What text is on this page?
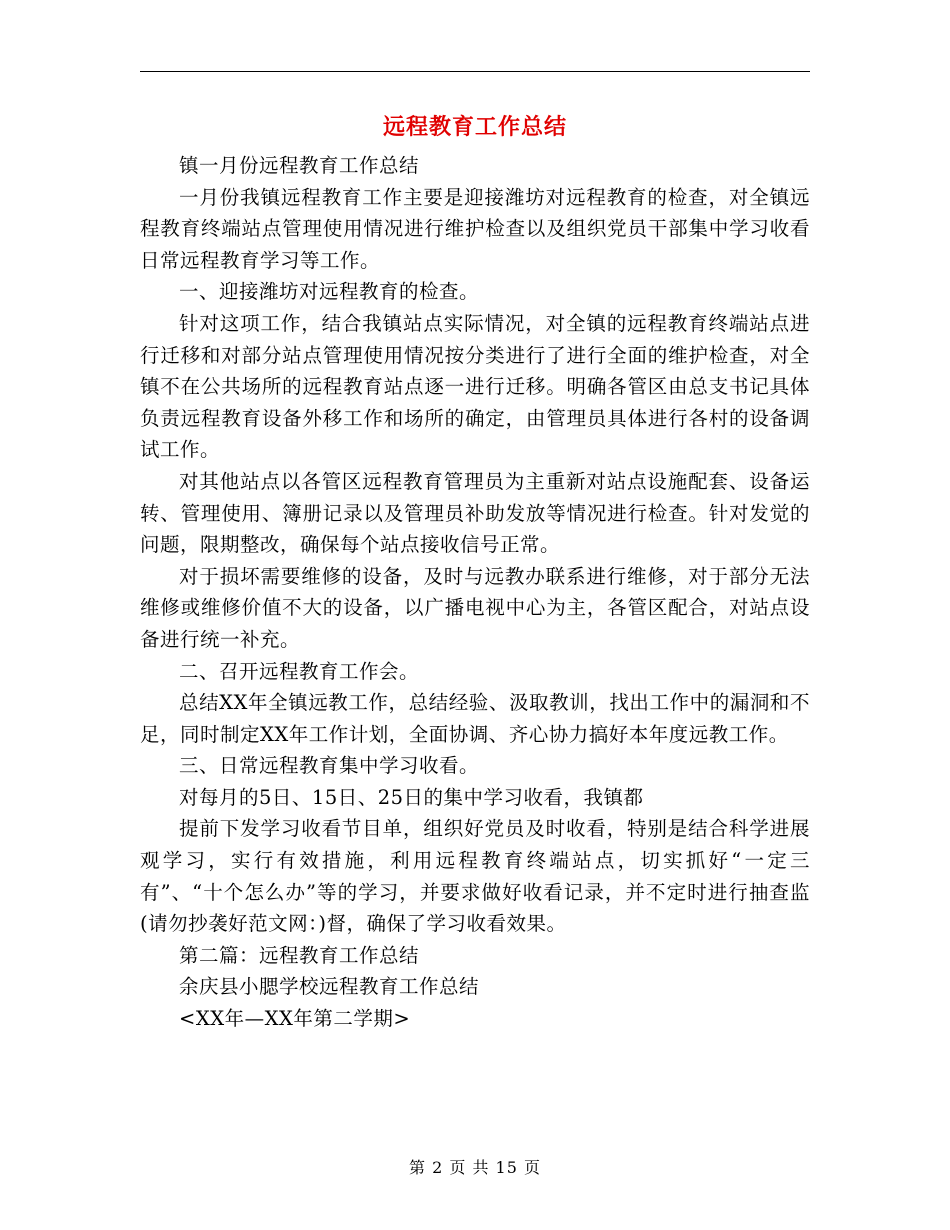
远程教育工作总结

镇一月份远程教育工作总结

一月份我镇远程教育工作主要是迎接潍坊对远程教育的检查，对全镇远程教育终端站点管理使用情况进行维护检查以及组织党员干部集中学习收看日常远程教育学习等工作。

一、迎接潍坊对远程教育的检查。

针对这项工作，结合我镇站点实际情况，对全镇的远程教育终端站点进行迁移和对部分站点管理使用情况按分类进行了进行全面的维护检查，对全镇不在公共场所的远程教育站点逐一进行迁移。明确各管区由总支书记具体负责远程教育设备外移工作和场所的确定，由管理员具体进行各村的设备调试工作。

对其他站点以各管区远程教育管理员为主重新对站点设施配套、设备运转、管理使用、簿册记录以及管理员补助发放等情况进行检查。针对发觉的问题，限期整改，确保每个站点接收信号正常。

对于损坏需要维修的设备，及时与远教办联系进行维修，对于部分无法维修或维修价值不大的设备，以广播电视中心为主，各管区配合，对站点设备进行统一补充。

二、召开远程教育工作会。

总结XX年全镇远教工作，总结经验、汲取教训，找出工作中的漏洞和不足，同时制定XX年工作计划，全面协调、齐心协力搞好本年度远教工作。

三、日常远程教育集中学习收看。

对每月的5日、15日、25日的集中学习收看，我镇都

提前下发学习收看节目单，组织好党员及时收看，特别是结合科学进展观学习，实行有效措施，利用远程教育终端站点，切实抓好“一定三有”、“十个怎么办”等的学习，并要求做好收看记录，并不定时进行抽查监(请勿抄袭好范文网：)督，确保了学习收看效果。

第二篇：远程教育工作总结

余庆县小腮学校远程教育工作总结

<XX年—XX年第二学期>

第 2 页 共 15 页
